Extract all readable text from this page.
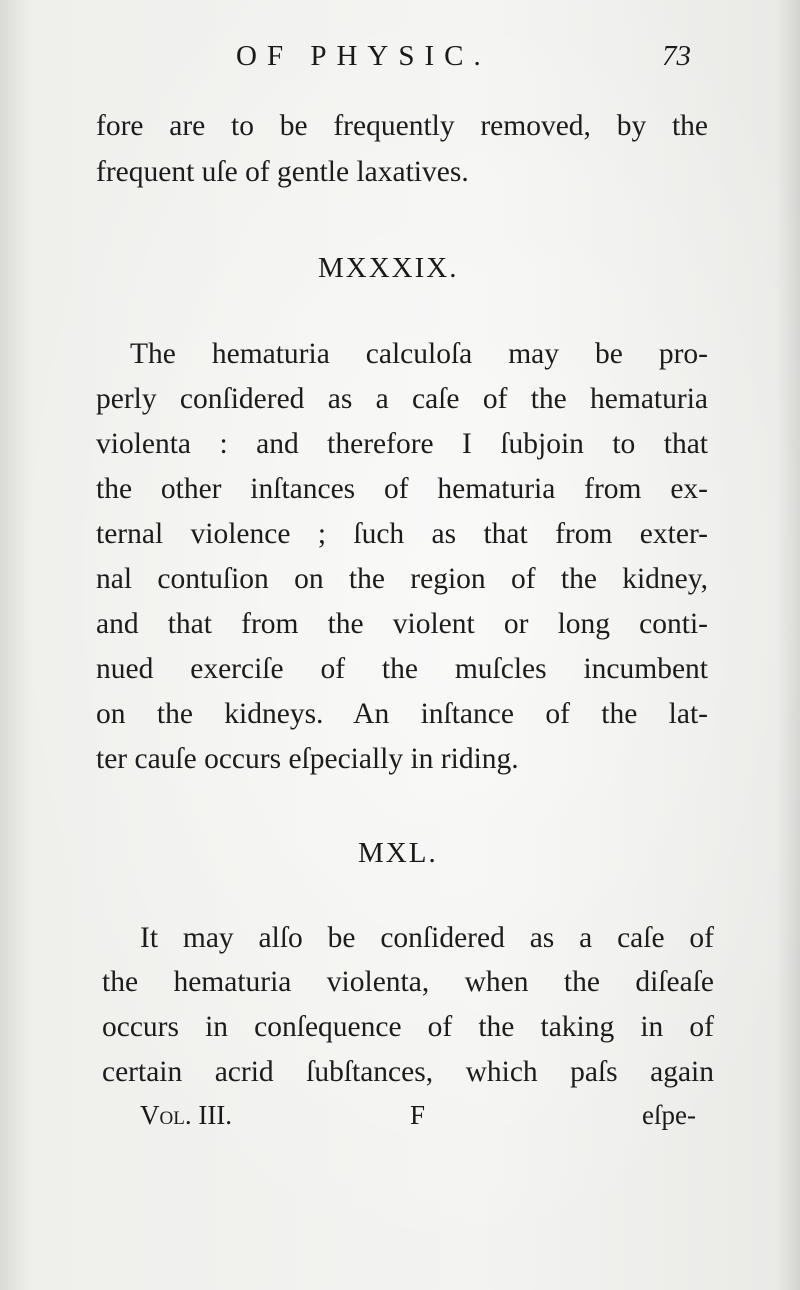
OF PHYSIC.	73
fore are to be frequently removed, by the
frequent uſe of gentle laxatives.
MXXXIX.
The hematuria calculoſa may be pro-
perly conſidered as a caſe of the hematuria
violenta : and therefore I ſubjoin to that
the other inſtances of hematuria from ex-
ternal violence ; ſuch as that from exter-
nal contuſion on the region of the kidney,
and that from the violent or long conti-
nued exerciſe of the muſcles incumbent
on the kidneys. An inſtance of the lat-
ter cauſe occurs eſpecially in riding.
MXL.
It may alſo be conſidered as a caſe of
the hematuria violenta, when the diſeaſe
occurs in conſequence of the taking in of
certain acrid ſubſtances, which paſs again
Vol. III.	F	eſpe-
